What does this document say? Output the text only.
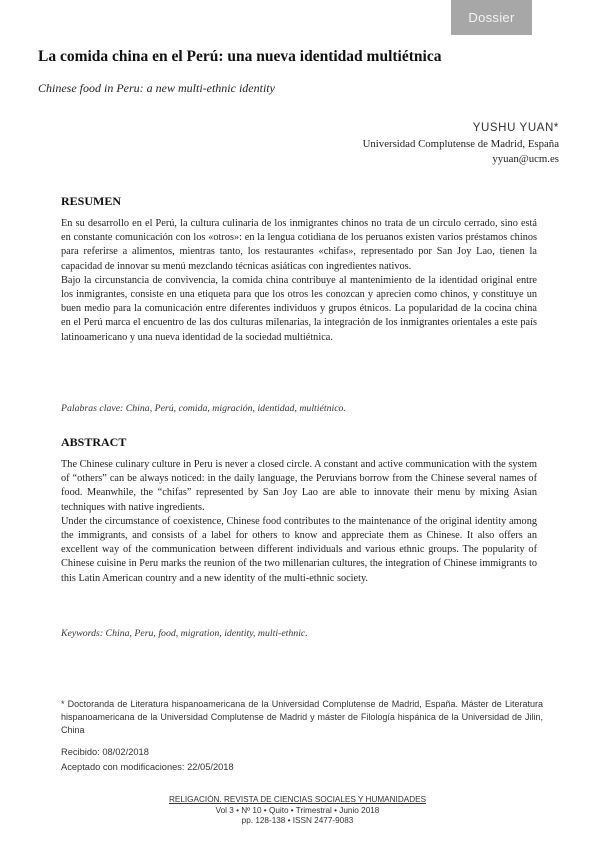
Dossier
La comida china en el Perú: una nueva identidad multiétnica
Chinese food in Peru: a new multi-ethnic identity
YUSHU YUAN*
Universidad Complutense de Madrid, España
yyuan@ucm.es
RESUMEN

En su desarrollo en el Perú, la cultura culinaria de los inmigrantes chinos no trata de un círculo cerrado, sino está en constante comunicación con los «otros»: en la lengua cotidiana de los peruanos existen varios préstamos chinos para referirse a alimentos, mientras tanto, los restaurantes «chifas», representado por San Joy Lao, tienen la capacidad de innovar su menú mezclando técnicas asiáticas con ingredientes nativos.

Bajo la circunstancia de convivencia, la comida china contribuye al mantenimiento de la identidad original entre los inmigrantes, consiste en una etiqueta para que los otros les conozcan y aprecien como chinos, y constituye un buen medio para la comunicación entre diferentes individuos y grupos étnicos. La popularidad de la cocina china en el Perú marca el encuentro de las dos culturas milenarias, la integración de los inmigrantes orientales a este país latinoamericano y una nueva identidad de la sociedad multiétnica.

Palabras clave: China, Perú, comida, migración, identidad, multiétnico.
ABSTRACT

The Chinese culinary culture in Peru is never a closed circle. A constant and active communication with the system of “others” can be always noticed: in the daily language, the Peruvians borrow from the Chinese several names of food. Meanwhile, the “chifas” represented by San Joy Lao are able to innovate their menu by mixing Asian techniques with native ingredients.

Under the circumstance of coexistence, Chinese food contributes to the maintenance of the original identity among the immigrants, and consists of a label for others to know and appreciate them as Chinese. It also offers an excellent way of the communication between different individuals and various ethnic groups. The popularity of Chinese cuisine in Peru marks the reunion of the two millenarian cultures, the integration of Chinese immigrants to this Latin American country and a new identity of the multi-ethnic society.

Keywords: China, Peru, food, migration, identity, multi-ethnic.
* Doctoranda de Literatura hispanoamericana de la Universidad Complutense de Madrid, España. Máster de Literatura hispanoamericana de la Universidad Complutense de Madrid y máster de Filología hispánica de la Universidad de Jilin, China
Recibido: 08/02/2018
Aceptado con modificaciones: 22/05/2018
RELIGACIÓN. REVISTA DE CIENCIAS SOCIALES Y HUMANIDADES
Vol 3 • Nº 10 • Quito • Trimestral • Junio 2018
pp. 128-138 • ISSN 2477-9083
